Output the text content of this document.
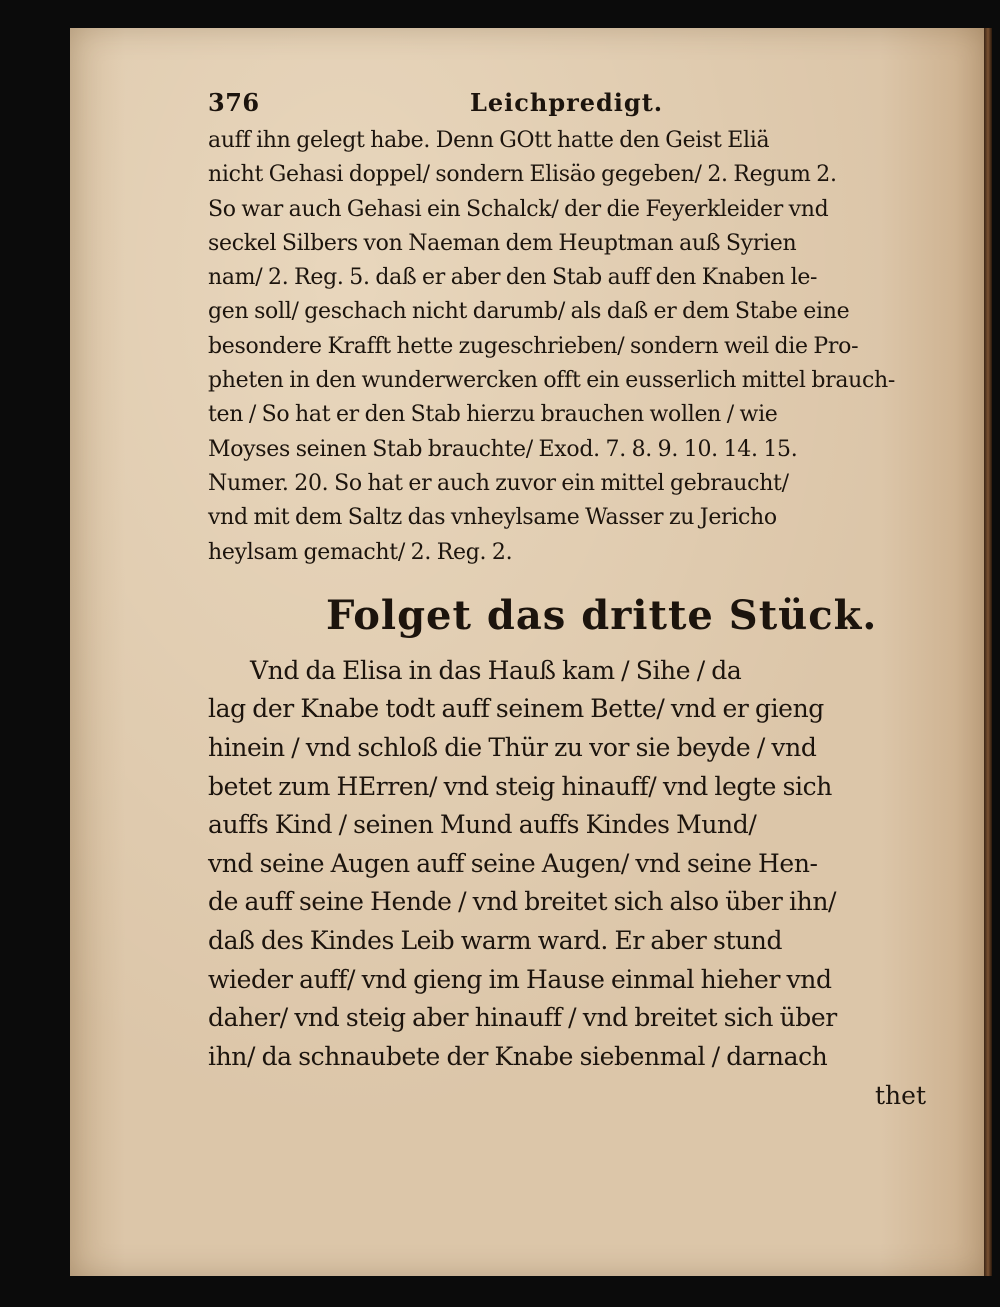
376	Leichpredigt.
auff ihn gelegt habe. Denn GOtt hatte den Geist Eliä
nicht Gehasi doppel/ sondern Elisäo gegeben/ 2. Regum 2.
So war auch Gehasi ein Schalck/ der die Feyerkleider vnd
seckel Silbers von Naeman dem Heuptman auß Syrien
nam/ 2. Reg. 5. daß er aber den Stab auff den Knaben le-
gen soll/ geschach nicht darumb/ als daß er dem Stabe eine
besondere Krafft hette zugeschrieben/ sondern weil die Pro-
pheten in den wunderwercken offt ein eusserlich mittel brauch-
ten / So hat er den Stab hierzu brauchen wollen / wie
Moyses seinen Stab brauchte/ Exod. 7. 8. 9. 10. 14. 15.
Numer. 20. So hat er auch zuvor ein mittel gebraucht/
vnd mit dem Saltz das vnheylsame Wasser zu Jericho
heylsam gemacht/ 2. Reg. 2.
Folget das dritte Stück.
Vnd da Elisa in das Hauß kam / Sihe / da
lag der Knabe todt auff seinem Bette/ vnd er gieng
hinein / vnd schloß die Thür zu vor sie beyde / vnd
betet zum HErren/ vnd steig hinauff/ vnd legte sich
auffs Kind / seinen Mund auffs Kindes Mund/
vnd seine Augen auff seine Augen/ vnd seine Hen-
de auff seine Hende / vnd breitet sich also über ihn/
daß des Kindes Leib warm ward. Er aber stund
wieder auff/ vnd gieng im Hause einmal hieher vnd
daher/ vnd steig aber hinauff / vnd breitet sich über
ihn/ da schnaubete der Knabe siebenmal / darnach
thet
